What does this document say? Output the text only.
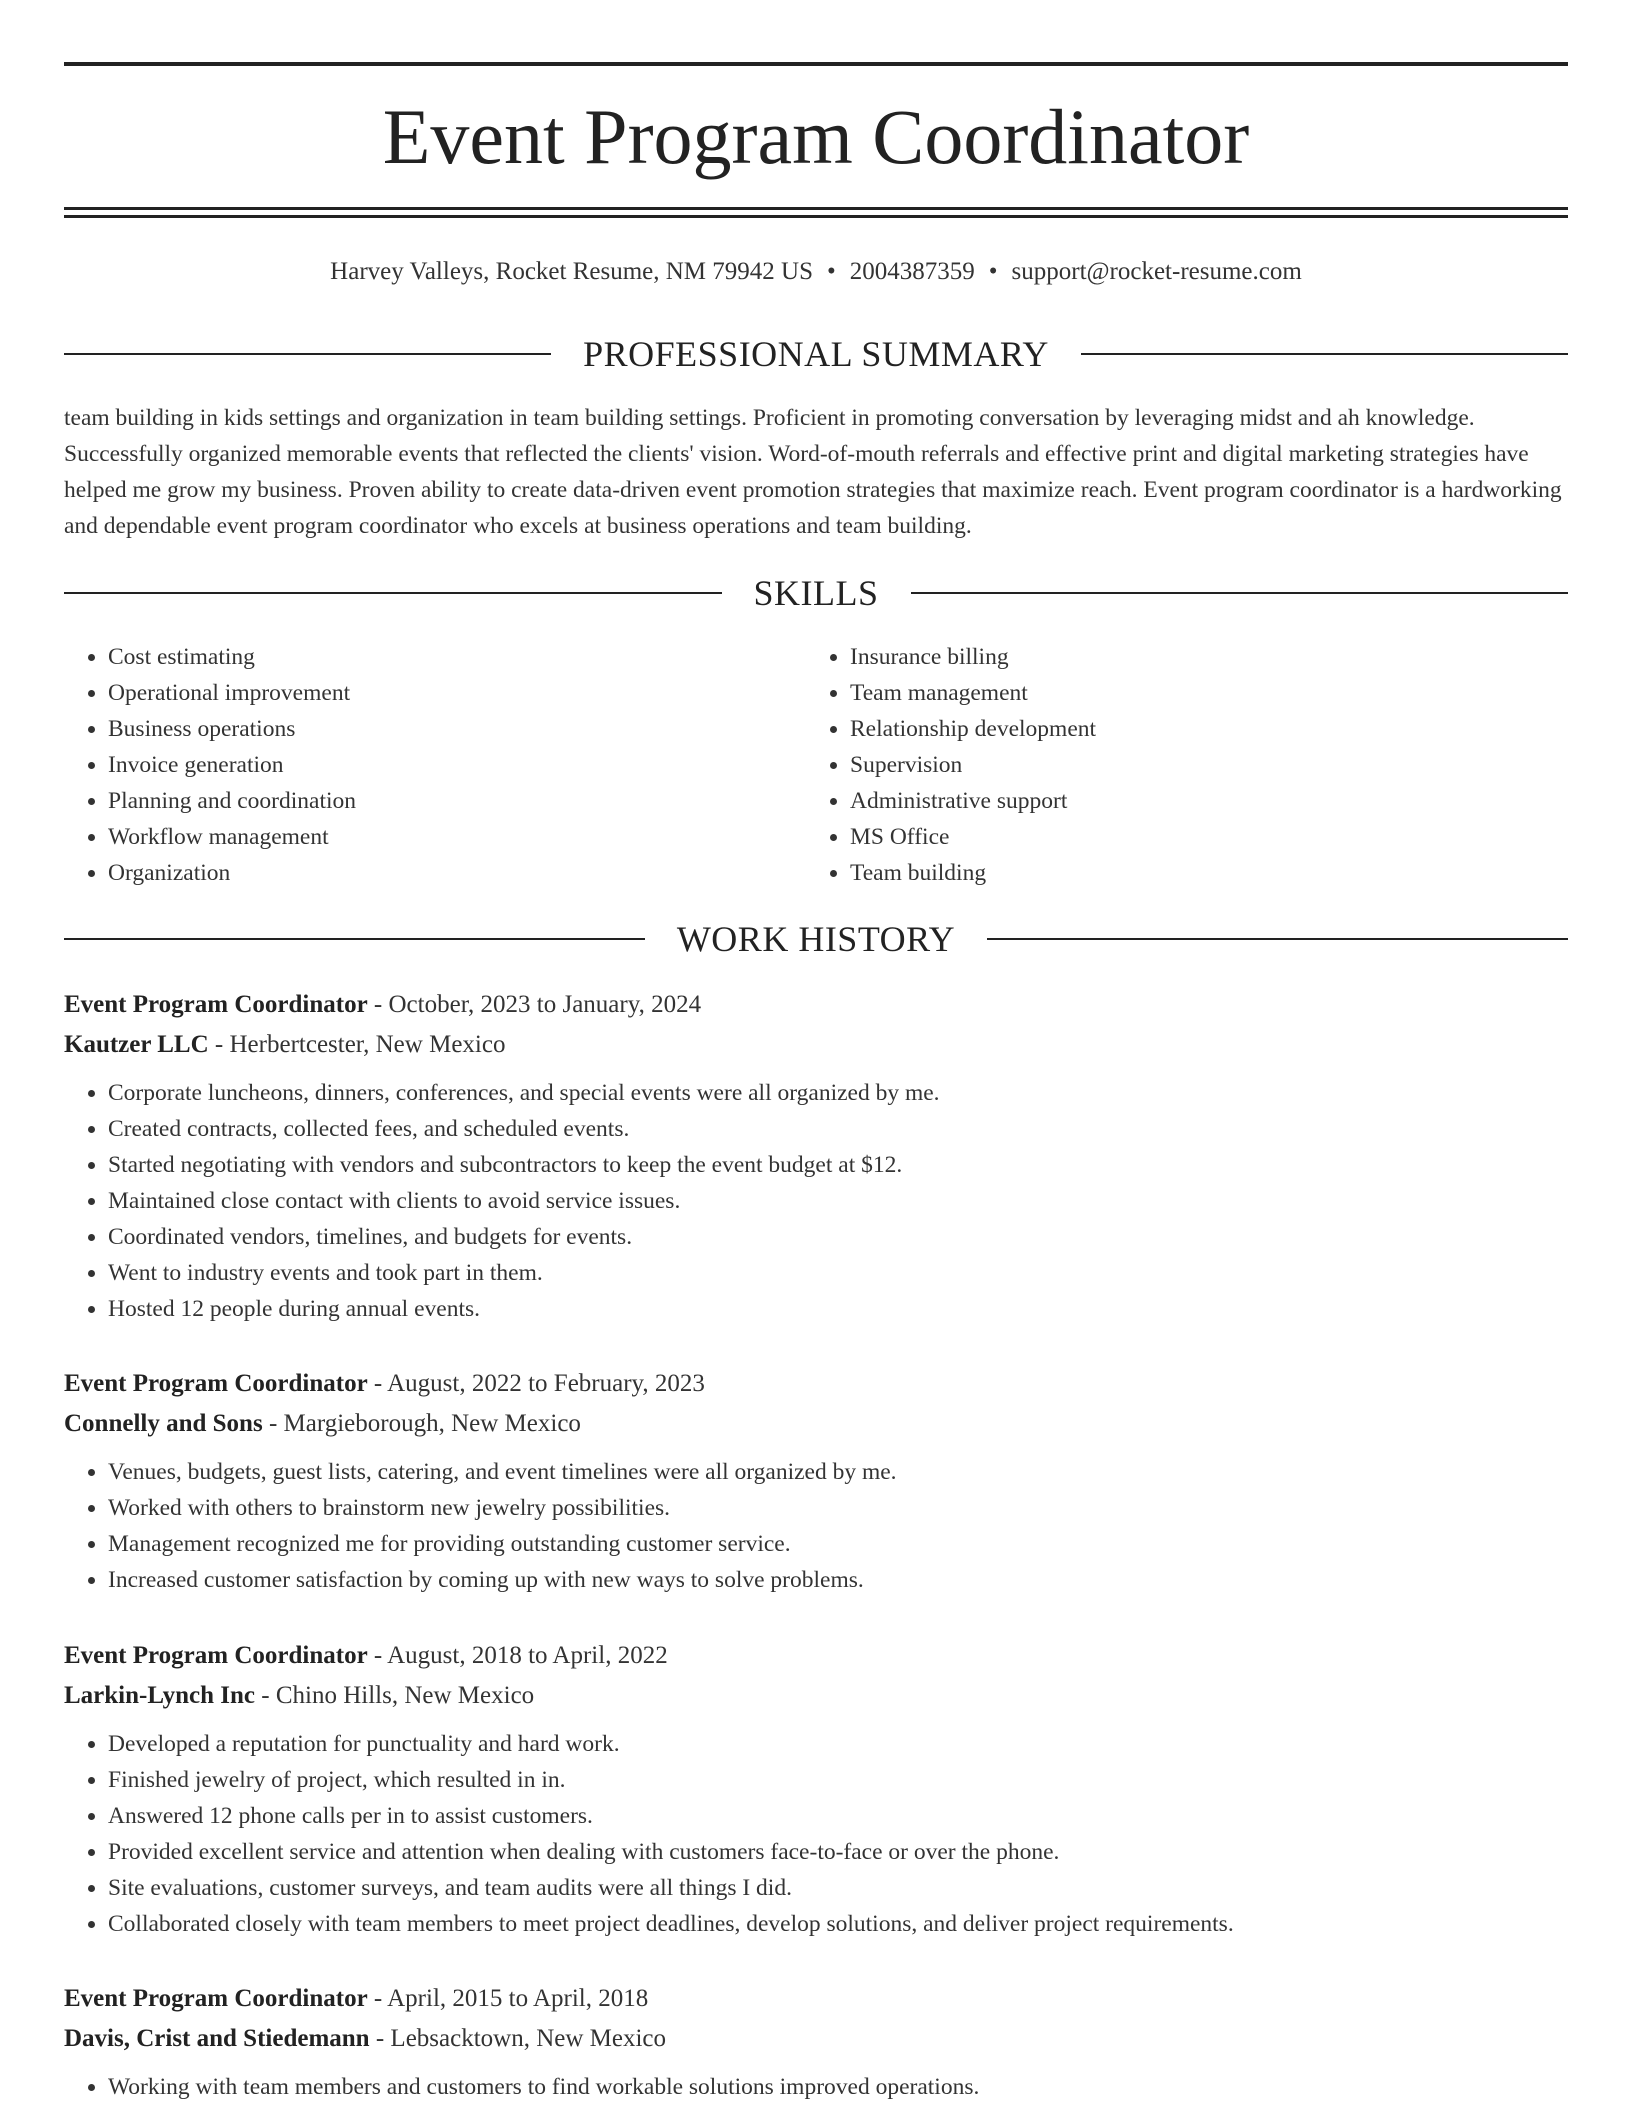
Event Program Coordinator
Harvey Valleys, Rocket Resume, NM 79942 US • 2004387359 • support@rocket-resume.com
PROFESSIONAL SUMMARY

team building in kids settings and organization in team building settings. Proficient in promoting conversation by leveraging midst and ah knowledge. Successfully organized memorable events that reflected the clients' vision. Word-of-mouth referrals and effective print and digital marketing strategies have helped me grow my business. Proven ability to create data-driven event promotion strategies that maximize reach. Event program coordinator is a hardworking and dependable event program coordinator who excels at business operations and team building.

SKILLS
• Cost estimating
• Operational improvement
• Business operations
• Invoice generation
• Planning and coordination
• Workflow management
• Organization
• Insurance billing
• Team management
• Relationship development
• Supervision
• Administrative support
• MS Office
• Team building
WORK HISTORY

Event Program Coordinator - October, 2023 to January, 2024

Kautzer LLC - Herbertcester, New Mexico

• Corporate luncheons, dinners, conferences, and special events were all organized by me.
• Created contracts, collected fees, and scheduled events.
• Started negotiating with vendors and subcontractors to keep the event budget at $12.
• Maintained close contact with clients to avoid service issues.
• Coordinated vendors, timelines, and budgets for events.
• Went to industry events and took part in them.
• Hosted 12 people during annual events.

Event Program Coordinator - August, 2022 to February, 2023

Connelly and Sons - Margieborough, New Mexico

• Venues, budgets, guest lists, catering, and event timelines were all organized by me.
• Worked with others to brainstorm new jewelry possibilities.
• Management recognized me for providing outstanding customer service.
• Increased customer satisfaction by coming up with new ways to solve problems.

Event Program Coordinator - August, 2018 to April, 2022

Larkin-Lynch Inc - Chino Hills, New Mexico

• Developed a reputation for punctuality and hard work.
• Finished jewelry of project, which resulted in in.
• Answered 12 phone calls per in to assist customers.
• Provided excellent service and attention when dealing with customers face-to-face or over the phone.
• Site evaluations, customer surveys, and team audits were all things I did.
• Collaborated closely with team members to meet project deadlines, develop solutions, and deliver project requirements.

Event Program Coordinator - April, 2015 to April, 2018

Davis, Crist and Stiedemann - Lebsacktown, New Mexico

• Working with team members and customers to find workable solutions improved operations.
